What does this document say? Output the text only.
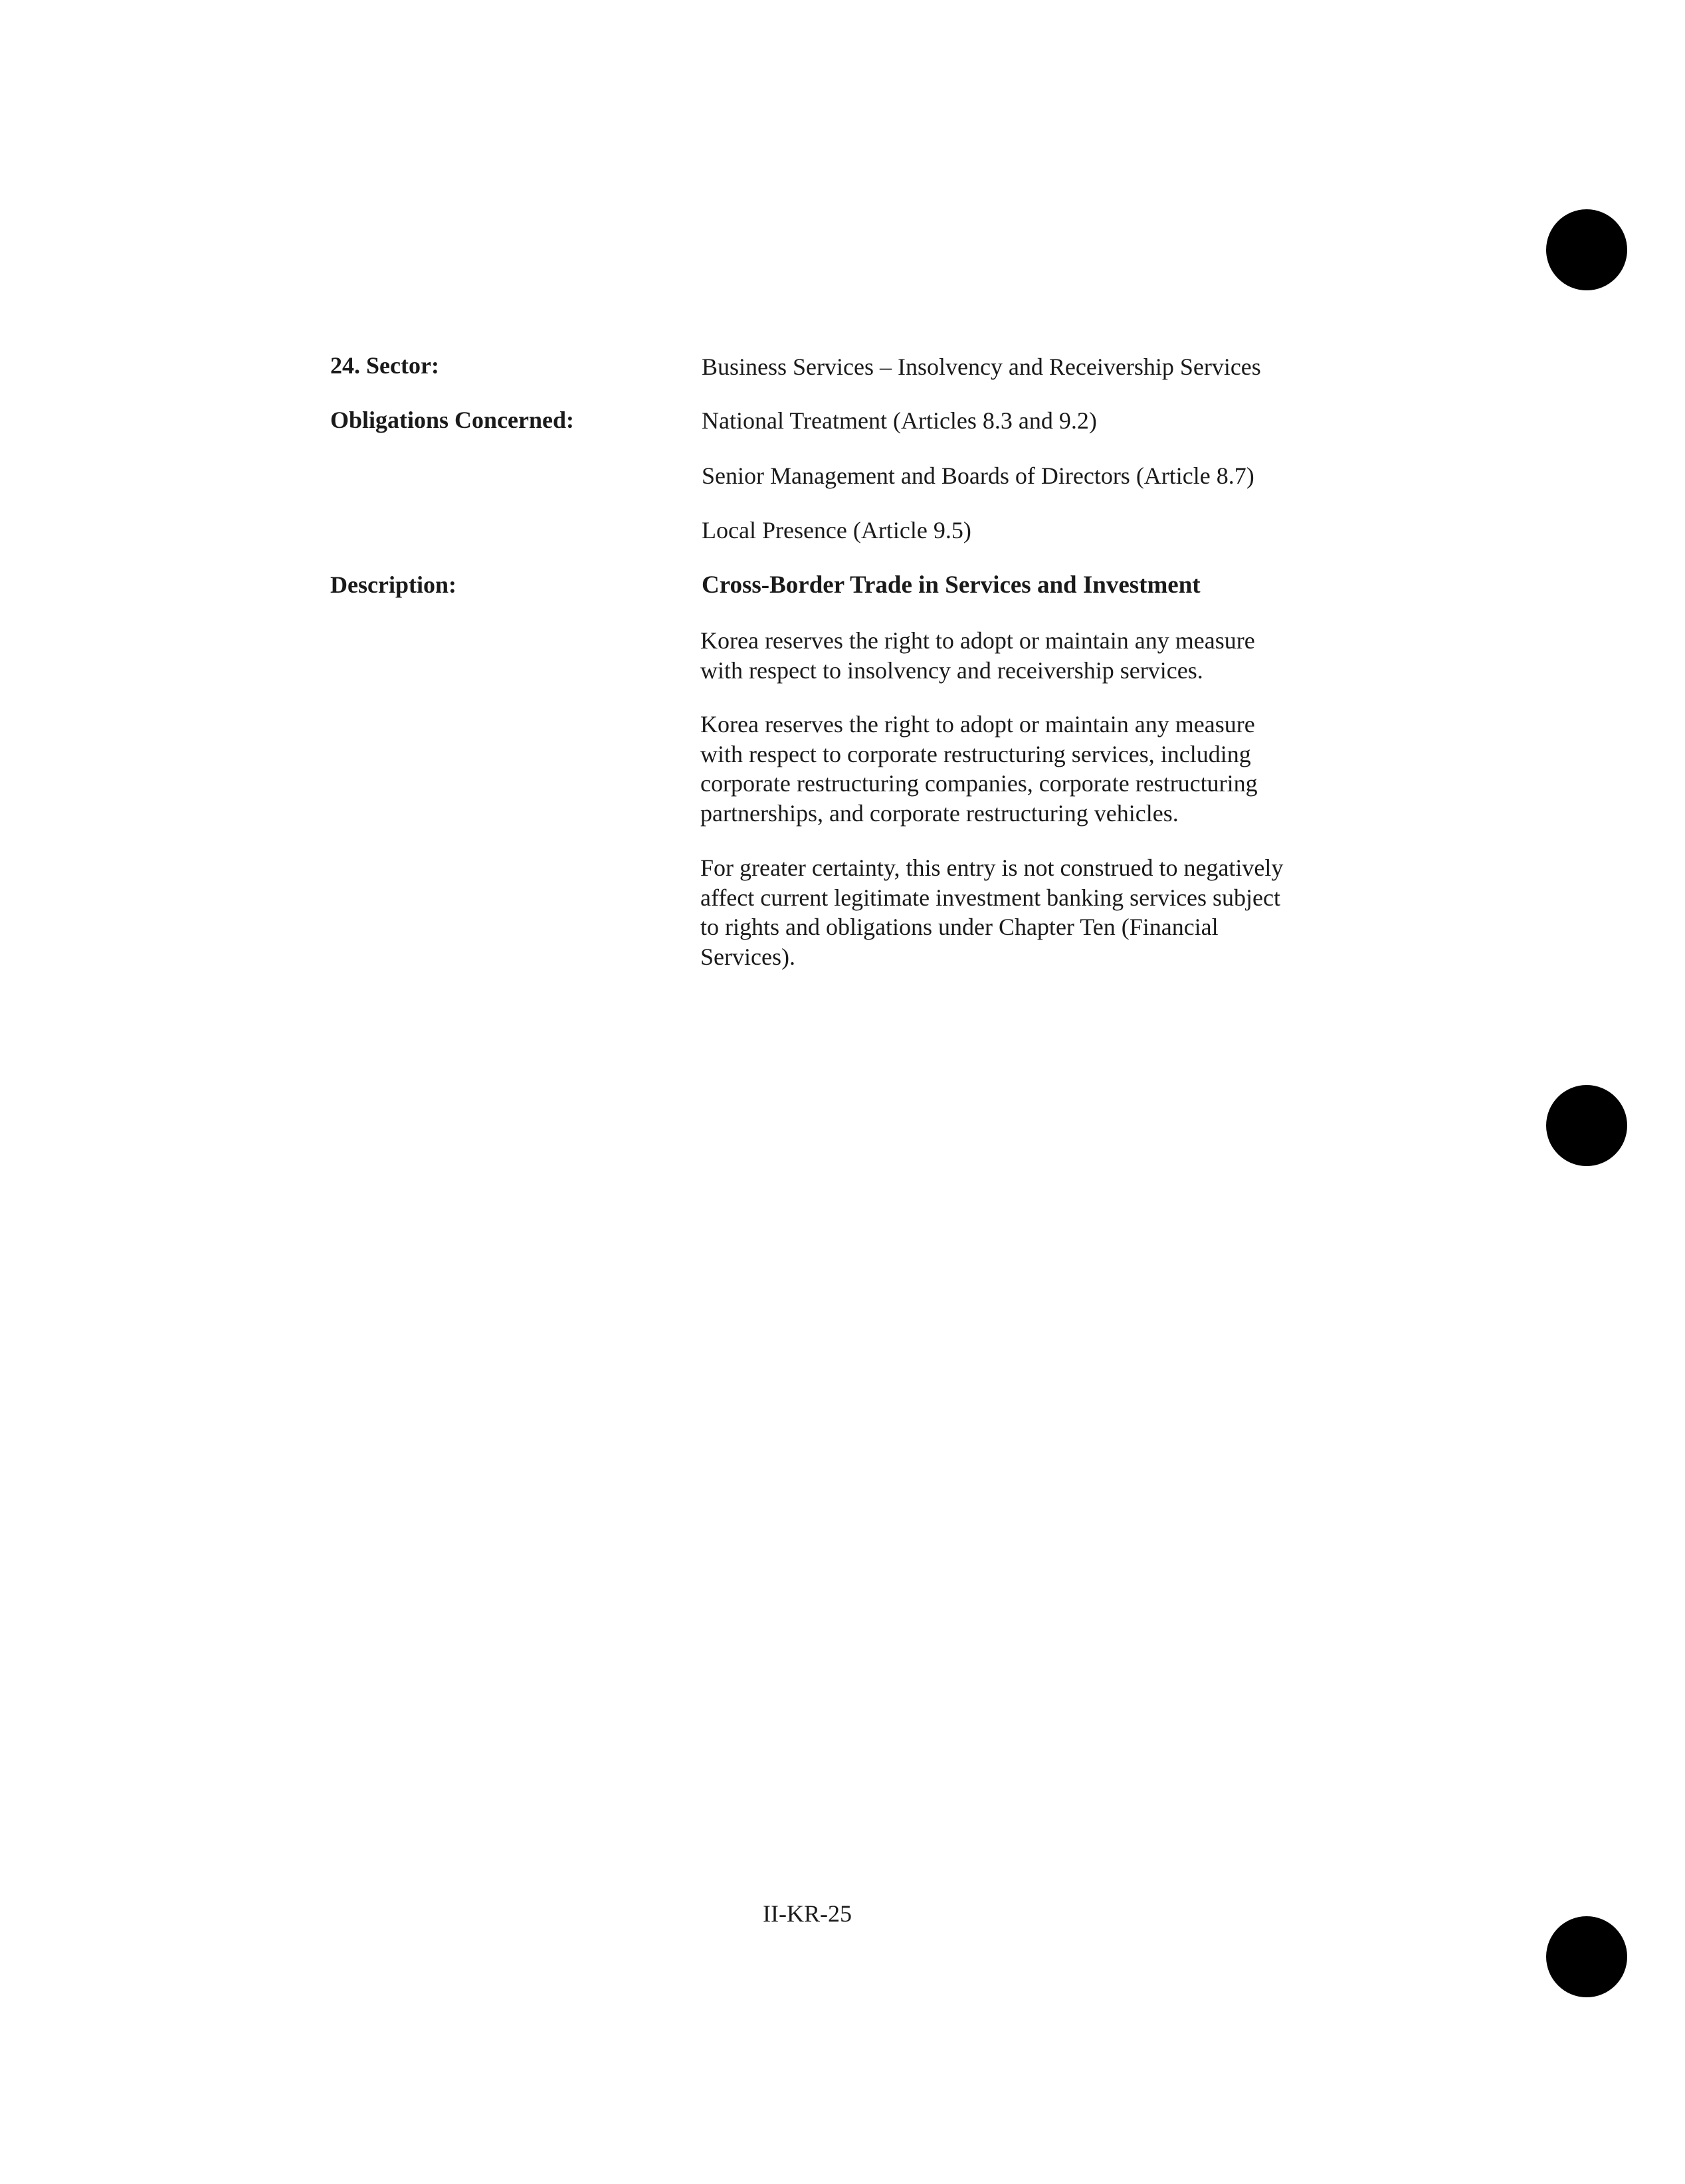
24. Sector:	Business Services – Insolvency and Receivership Services
Obligations Concerned:	National Treatment (Articles 8.3 and 9.2)
Senior Management and Boards of Directors (Article 8.7)
Local Presence (Article 9.5)
Description:	Cross-Border Trade in Services and Investment
Korea reserves the right to adopt or maintain any measure
with respect to insolvency and receivership services.
Korea reserves the right to adopt or maintain any measure
with respect to corporate restructuring services, including
corporate restructuring companies, corporate restructuring
partnerships, and corporate restructuring vehicles.
For greater certainty, this entry is not construed to negatively
affect current legitimate investment banking services subject
to rights and obligations under Chapter Ten (Financial
Services).
II-KR-25
